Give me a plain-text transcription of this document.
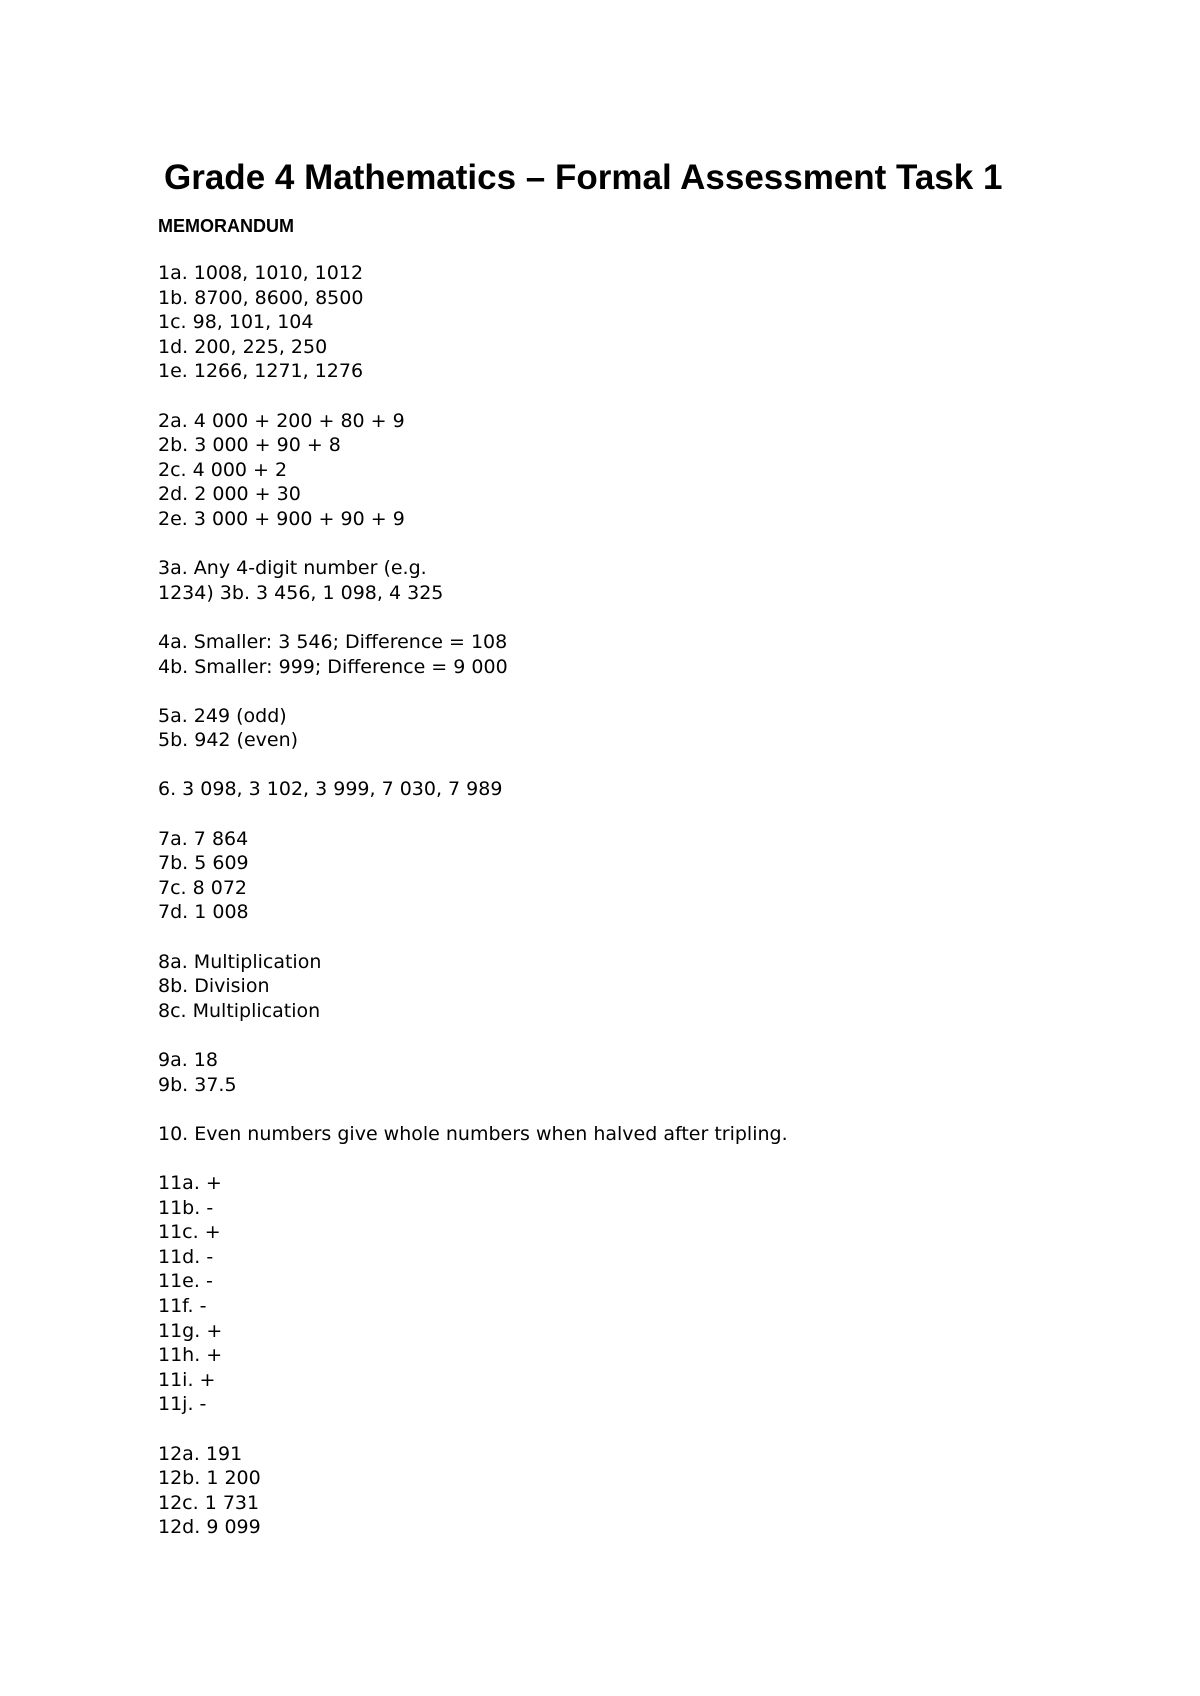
Grade 4 Mathematics – Formal Assessment Task 1
MEMORANDUM
1a. 1008, 1010, 1012
1b. 8700, 8600, 8500
1c. 98, 101, 104
1d. 200, 225, 250
1e. 1266, 1271, 1276
2a. 4 000 + 200 + 80 + 9
2b. 3 000 + 90 + 8
2c. 4 000 + 2
2d. 2 000 + 30
2e. 3 000 + 900 + 90 + 9
3a. Any 4-digit number (e.g.
1234) 3b. 3 456, 1 098, 4 325
4a. Smaller: 3 546; Difference = 108
4b. Smaller: 999; Difference = 9 000
5a. 249 (odd)
5b. 942 (even)
6. 3 098, 3 102, 3 999, 7 030, 7 989
7a. 7 864
7b. 5 609
7c. 8 072
7d. 1 008
8a. Multiplication
8b. Division
8c. Multiplication
9a. 18
9b. 37.5
10. Even numbers give whole numbers when halved after tripling.
11a. +
11b. -
11c. +
11d. -
11e. -
11f. -
11g. +
11h. +
11i. +
11j. -
12a. 191
12b. 1 200
12c. 1 731
12d. 9 099
